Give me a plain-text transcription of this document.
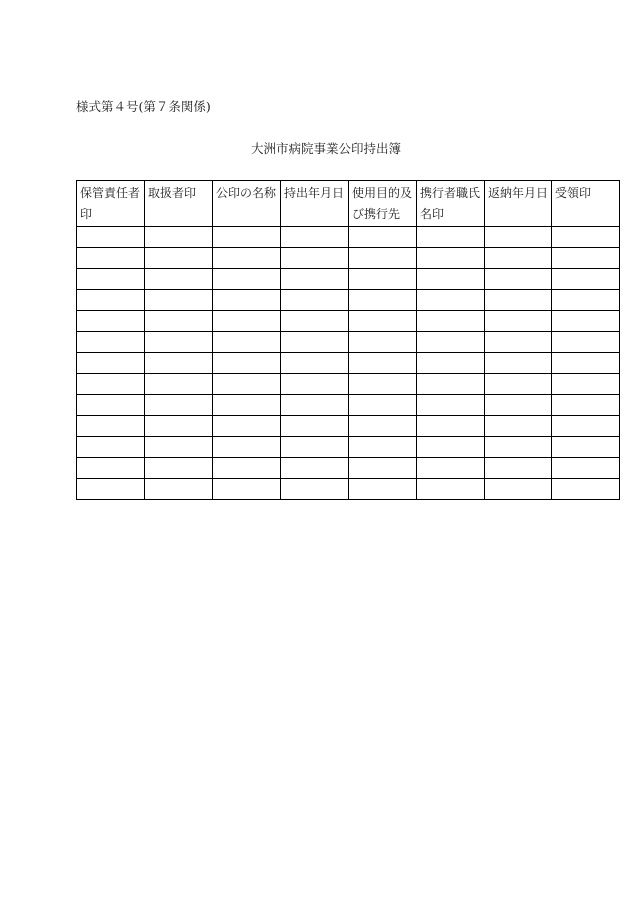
様式第４号(第７条関係)
大洲市病院事業公印持出簿
保管責任者印	取扱者印	公印の名称	持出年月日	使用目的及び携行先	携行者職氏名印	返納年月日	受領印
